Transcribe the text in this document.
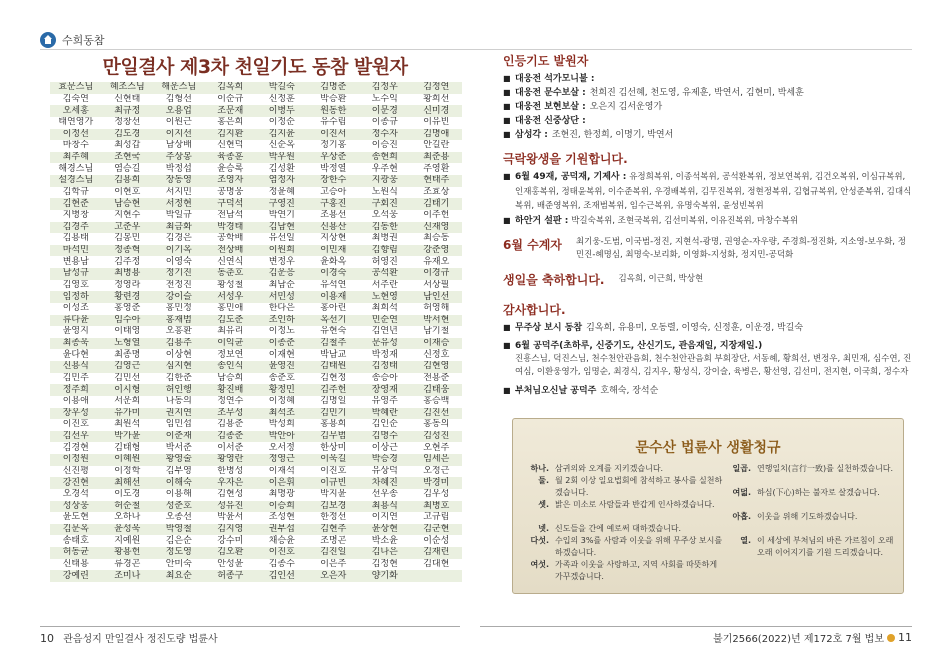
수희동참
만일결사 제3차 천일기도 동참 발원자
효문스님	혜조스님	해운스님	김옥희	박길숙	김명준	김정우	김정연
김숙연	신현태	김형선	이순규	신정훈	박승환	노수익	황희선
오세홍	최규정	오용업	조문재	이병두	원동한	이문경	신미경
태연영가	정창선	이원근	홍은희	이정순	유수림	이종규	이유빈
이정선	김도경	이지선	김지환	김지윤	이진서	정수자	김명애
마창수	최성갑	남상배	신현덕	신순옥	정기홍	이승진	안길란
최주혜	조현국	주상봉	육종훈	박우원	우상준	송현희	최준용
해경스님	염승길	박정섭	윤승록	김성환	박정열	우주현	주영환
설경스님	김용희	장동영	조영자	염정자	장한수	지광웅	현태주
김학규	이현호	서지민	공명웅	정윤혜	고승아	노원식	조효상
김현준	남승현	서정현	구덕석	구영진	구홍진	구회진	김태기
지병창	지현수	박일규	전남석	박연기	조용선	오석웅	이주헌
김경주	고준우	최금화	박경태	김남현	신용산	김동한	신재영
김용태	김봉민	김경은	공학배	유선일	지상현	최병권	최승동
마석민	정종혁	이기옥	전상배	이원희	이민재	김향림	강준영
변용남	김주정	이영숙	신연식	변정우	윤화옥	허영진	유재오
남성규	최병용	정기진	동춘호	김운응	이경숙	공석환	이경규
김영호	정영라	전정진	황성철	최남순	유석연	서주란	서상필
임정하	황련경	강이슬	서성우	서민성	이용재	노현영	남인선
이성조	홍영준	홍민정	홍민애	한다은	홍아린	최희석	허영해
류다윤	임수아	홍재범	김도준	조인하	옥선기	민순연	박서현
윤영지	이태영	오흥환	최유리	이정노	유현숙	김연년	남기철
최종욱	노형열	김용주	이익균	이종준	김철주	문유성	이재승
윤다현	최종명	이상현	정보연	이재현	박남교	박정재	신정호
신용식	김영근	심지현	송인식	윤영진	김태원	김정태	김현영
김민주	김민선	김한준	남승희	송준호	김현정	송승아	전용준
정주희	이시형	허인행	황진배	황정민	김주헌	장영재	김태웅
이용애	서운희	나동의	정연수	이정혜	김명일	유영주	홍승백
장우성	유가미	권지연	조무성	최석조	김민기	박혜란	김진선
이진호	최원석	임민섭	김용준	박성희	홍용희	김인순	홍동의
김선우	박가윤	이준재	김종준	박안아	김무범	김명수	김성진
김경현	김태형	박서준	이서준	오서정	한상미	이상근	오현주
이정원	이혜원	황영술	황영란	정영근	이욱길	박승경	임세은
신진평	이정학	김부영	한병성	이재석	이진호	유상덕	오정근
강진현	최해선	이해숙	우자은	이은휘	이규빈	차혜진	박경미
오경석	이도경	이용해	김현성	최명광	박지윤	선우송	김우성
성상웅	허순철	성준호	성유진	이승희	김보경	최용식	최병호
윤도현	오하나	오종선	박윤서	조성현	한정선	이지연	고규림
김문옥	윤성욱	박영철	김지영	권부섭	김현주	윤상현	김군현
송태호	지예원	김은순	강수미	채승윤	조명곤	박소윤	이순성
허동균	황용헌	정도영	김오환	이진호	김진일	김나은	김재린
신태용	류경곤	안미숙	안성윤	김종수	이은주	김정현	김대현
강예린	조미나	최요순	허종구	김인선	오은자	양기화	
인등기도 발원자
■ 대웅전 석가모니불 :
■ 대웅전 문수보살 : 천희진 김선혜, 천도영, 유제훈, 박연서, 김현미, 박세훈
■ 대웅전 보현보살 : 오은지 김서운영가
■ 대웅전 신중상단 :
■ 삼성각 : 조현진, 한정희, 이명기, 박연서
극락왕생을 기원합니다.
■ 6월 49재, 공덕재, 기제사 : 유정희복위, 이종석복위, 공석환복위, 정보연복위, 김건오복위, 이심규복위, 인재홍복위, 정태윤복위, 이수준복위, 우경배복위, 김무진복위, 정현정복위, 김협규복위, 안성준복위, 김대식복위, 배준영복위, 조재범복위, 임수근복위, 유명숙복위, 윤성빈복위
■ 하안거 설판 : 박길숙복위, 조현국복위, 김선미복위, 이유진복위, 마창수복위
6월 수계자 최기웅-도범, 이국범-정진, 지현석-광명, 권영순-자우량, 주경희-정진화, 지소영-보우화, 정민진-혜명심, 최명숙-보리화, 이영화-지성화, 정지민-공덕화
생일을 축하합니다. 김옥희, 이근희, 박상현
감사합니다.
■ 무주상 보시 동참 김옥희, 유용미, 오동렬, 이영숙, 신정훈, 이운경, 박길숙
■ 6월 공덕주(초하루, 신중기도, 산신기도, 관음재일, 지장재일.)
진흥스님, 덕진스님, 천수천안관음회, 천수천안관음회 부회장단, 서동혜, 황희선, 변정우, 최민재, 심수연, 진여심, 이환웅영가, 임명순, 최경식, 김지우, 황성식, 강이슬, 육병은, 황선영, 김선미, 전지현, 이국희, 정수자
■ 부처님오신날 공덕주 호해숙, 장석순
문수산 법륜사 생활청규
하나. 삼귀의와 오계를 지키겠습니다.
둘. 월 2회 이상 일요법회에 참석하고 봉사를 실천하겠습니다.
셋. 밝은 미소로 사람들과 반갑게 인사하겠습니다.
넷. 신도들을 간에 예로써 대하겠습니다.
다섯. 수입의 3%를 사람과 이웃을 위해 무주상 보시를 하겠습니다.
여섯. 가족과 이웃을 사랑하고, 지역 사회를 따뜻하게 가꾸겠습니다.
일곱. 연행일치(言行一致)를 실천하겠습니다.
여덟. 하심(下心)하는 불자로 살겠습니다.
아홉. 이웃을 위해 기도하겠습니다.
열. 이 세상에 부처님의 바른 가르침이 오래오래 이어지기를 기원 드리겠습니다.
10 관음성지 만일결사 정진도량 법륜사	불기2566(2022)년 제172호 7월 법보 11
